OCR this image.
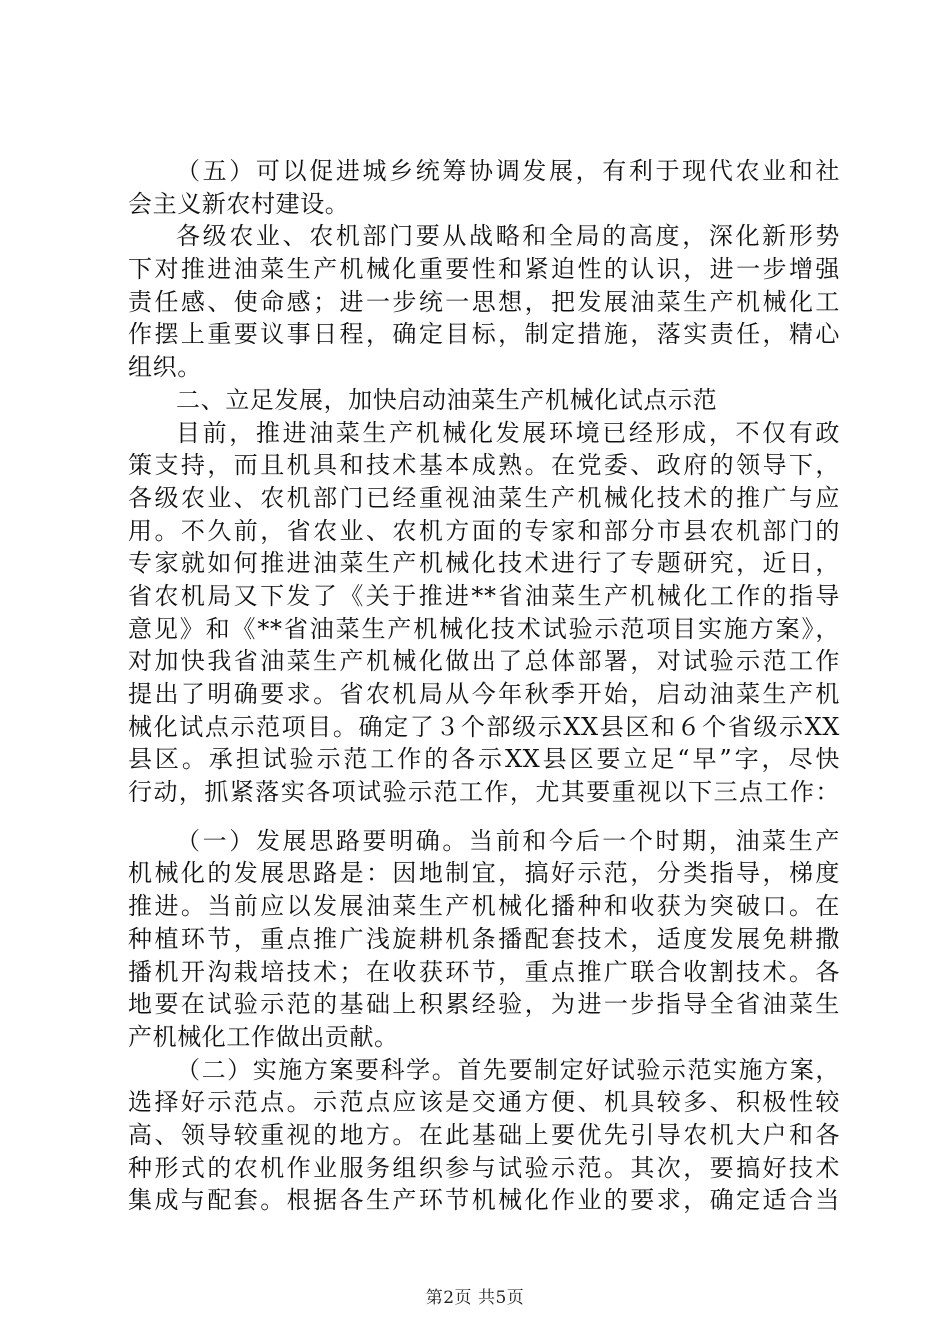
（五）可以促进城乡统筹协调发展，有利于现代农业和社
会主义新农村建设。
各级农业、农机部门要从战略和全局的高度，深化新形势
下对推进油菜生产机械化重要性和紧迫性的认识，进一步增强
责任感、使命感；进一步统一思想，把发展油菜生产机械化工
作摆上重要议事日程，确定目标，制定措施，落实责任，精心
组织。
二、立足发展，加快启动油菜生产机械化试点示范
目前，推进油菜生产机械化发展环境已经形成，不仅有政
策支持，而且机具和技术基本成熟。在党委、政府的领导下，
各级农业、农机部门已经重视油菜生产机械化技术的推广与应
用。不久前，省农业、农机方面的专家和部分市县农机部门的
专家就如何推进油菜生产机械化技术进行了专题研究，近日，
省农机局又下发了《关于推进**省油菜生产机械化工作的指导
意见》和《**省油菜生产机械化技术试验示范项目实施方案》，
对加快我省油菜生产机械化做出了总体部署，对试验示范工作
提出了明确要求。省农机局从今年秋季开始，启动油菜生产机
械化试点示范项目。确定了３个部级示XX县区和６个省级示XX
县区。承担试验示范工作的各示XX县区要立足“早”字，尽快
行动，抓紧落实各项试验示范工作，尤其要重视以下三点工作：
（一）发展思路要明确。当前和今后一个时期，油菜生产
机械化的发展思路是：因地制宜，搞好示范，分类指导，梯度
推进。当前应以发展油菜生产机械化播种和收获为突破口。在
种植环节，重点推广浅旋耕机条播配套技术，适度发展免耕撒
播机开沟栽培技术；在收获环节，重点推广联合收割技术。各
地要在试验示范的基础上积累经验，为进一步指导全省油菜生
产机械化工作做出贡献。
（二）实施方案要科学。首先要制定好试验示范实施方案，
选择好示范点。示范点应该是交通方便、机具较多、积极性较
高、领导较重视的地方。在此基础上要优先引导农机大户和各
种形式的农机作业服务组织参与试验示范。其次，要搞好技术
集成与配套。根据各生产环节机械化作业的要求，确定适合当
第2页 共5页
